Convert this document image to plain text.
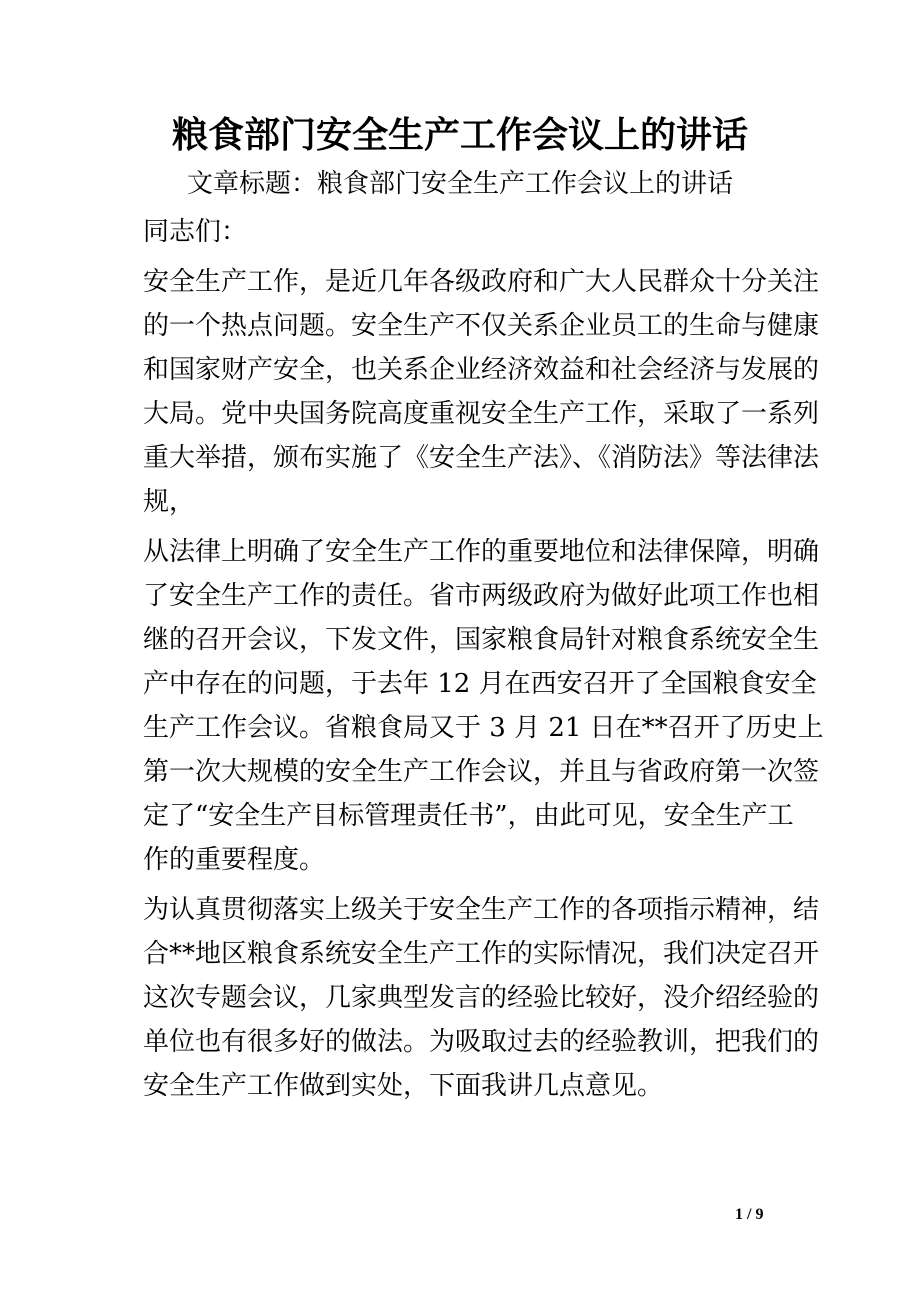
粮食部门安全生产工作会议上的讲话
文章标题：粮食部门安全生产工作会议上的讲话
同志们：
安全生产工作，是近几年各级政府和广大人民群众十分关注
的一个热点问题。安全生产不仅关系企业员工的生命与健康
和国家财产安全，也关系企业经济效益和社会经济与发展的
大局。党中央国务院高度重视安全生产工作，采取了一系列
重大举措，颁布实施了《安全生产法》、《消防法》等法律法
规，
从法律上明确了安全生产工作的重要地位和法律保障，明确
了安全生产工作的责任。省市两级政府为做好此项工作也相
继的召开会议，下发文件，国家粮食局针对粮食系统安全生
产中存在的问题，于去年 12 月在西安召开了全国粮食安全
生产工作会议。省粮食局又于 3 月 21 日在**召开了历史上
第一次大规模的安全生产工作会议，并且与省政府第一次签
定了“安全生产目标管理责任书”，由此可见，安全生产工
作的重要程度。
为认真贯彻落实上级关于安全生产工作的各项指示精神，结
合**地区粮食系统安全生产工作的实际情况，我们决定召开
这次专题会议，几家典型发言的经验比较好，没介绍经验的
单位也有很多好的做法。为吸取过去的经验教训，把我们的
安全生产工作做到实处，下面我讲几点意见。
1 / 9
